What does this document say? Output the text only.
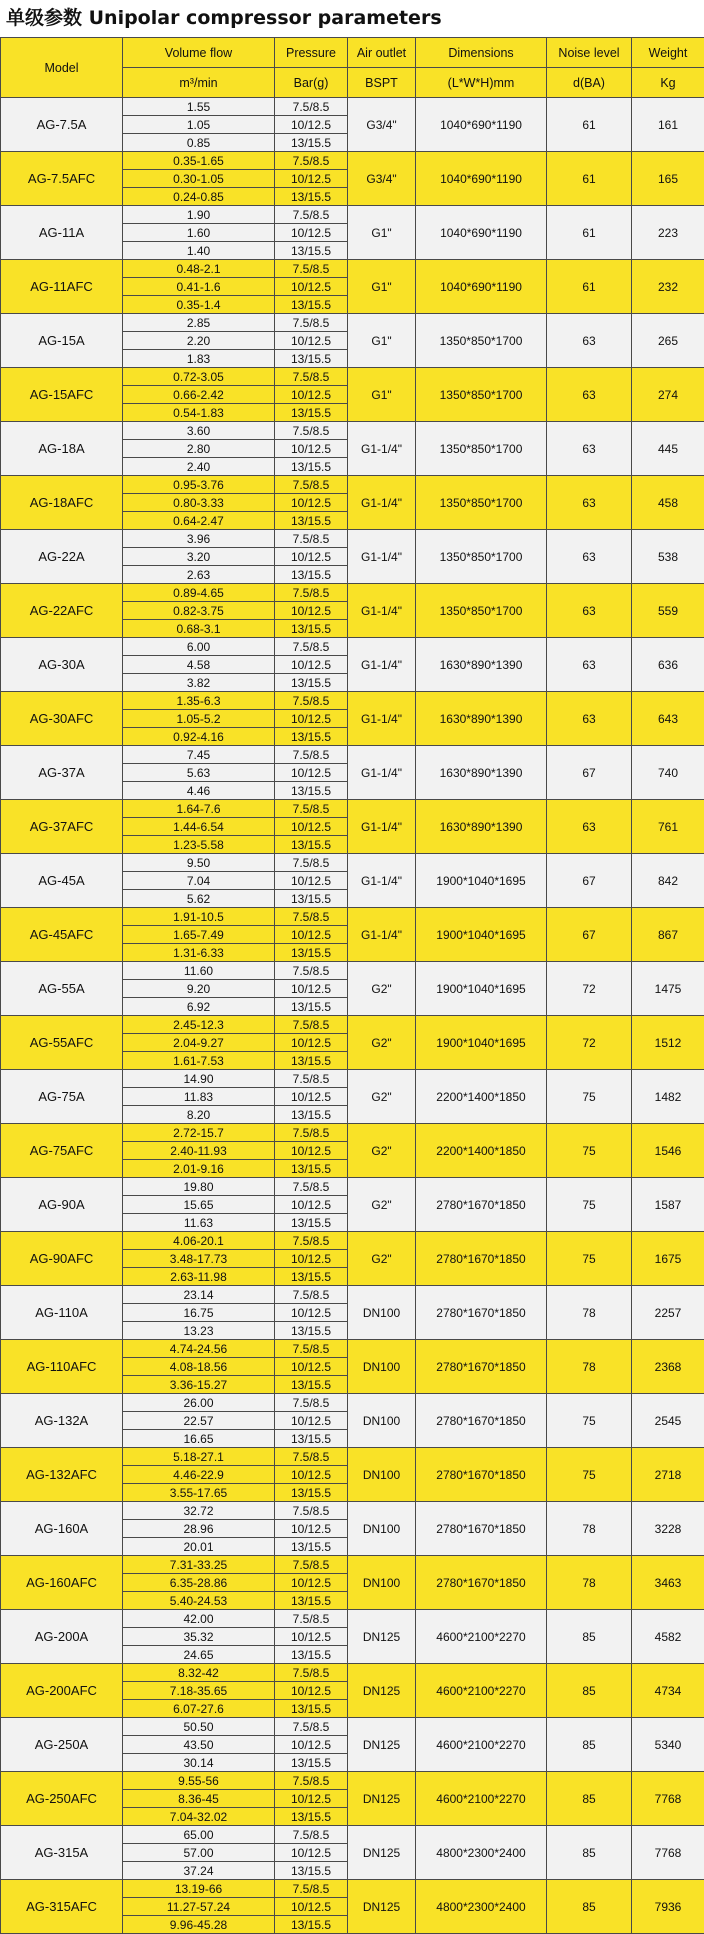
单级参数 Unipolar compressor parameters
Model	Volume flow	Pressure	Air outlet	Dimensions	Noise level	Weight
	m³/min	Bar(g)	BSPT	(L*W*H)mm	d(BA)	Kg
AG-7.5A	1.55	7.5/8.5	G3/4"	1040*690*1190	61	161
	1.05	10/12.5				
	0.85	13/15.5				
AG-7.5AFC	0.35-1.65	7.5/8.5	G3/4"	1040*690*1190	61	165
	0.30-1.05	10/12.5				
	0.24-0.85	13/15.5				
AG-11A	1.90	7.5/8.5	G1"	1040*690*1190	61	223
	1.60	10/12.5				
	1.40	13/15.5				
AG-11AFC	0.48-2.1	7.5/8.5	G1"	1040*690*1190	61	232
	0.41-1.6	10/12.5				
	0.35-1.4	13/15.5				
AG-15A	2.85	7.5/8.5	G1"	1350*850*1700	63	265
	2.20	10/12.5				
	1.83	13/15.5				
AG-15AFC	0.72-3.05	7.5/8.5	G1"	1350*850*1700	63	274
	0.66-2.42	10/12.5				
	0.54-1.83	13/15.5				
AG-18A	3.60	7.5/8.5	G1-1/4"	1350*850*1700	63	445
	2.80	10/12.5				
	2.40	13/15.5				
AG-18AFC	0.95-3.76	7.5/8.5	G1-1/4"	1350*850*1700	63	458
	0.80-3.33	10/12.5				
	0.64-2.47	13/15.5				
AG-22A	3.96	7.5/8.5	G1-1/4"	1350*850*1700	63	538
	3.20	10/12.5				
	2.63	13/15.5				
AG-22AFC	0.89-4.65	7.5/8.5	G1-1/4"	1350*850*1700	63	559
	0.82-3.75	10/12.5				
	0.68-3.1	13/15.5				
AG-30A	6.00	7.5/8.5	G1-1/4"	1630*890*1390	63	636
	4.58	10/12.5				
	3.82	13/15.5				
AG-30AFC	1.35-6.3	7.5/8.5	G1-1/4"	1630*890*1390	63	643
	1.05-5.2	10/12.5				
	0.92-4.16	13/15.5				
AG-37A	7.45	7.5/8.5	G1-1/4"	1630*890*1390	67	740
	5.63	10/12.5				
	4.46	13/15.5				
AG-37AFC	1.64-7.6	7.5/8.5	G1-1/4"	1630*890*1390	63	761
	1.44-6.54	10/12.5				
	1.23-5.58	13/15.5				
AG-45A	9.50	7.5/8.5	G1-1/4"	1900*1040*1695	67	842
	7.04	10/12.5				
	5.62	13/15.5				
AG-45AFC	1.91-10.5	7.5/8.5	G1-1/4"	1900*1040*1695	67	867
	1.65-7.49	10/12.5				
	1.31-6.33	13/15.5				
AG-55A	11.60	7.5/8.5	G2"	1900*1040*1695	72	1475
	9.20	10/12.5				
	6.92	13/15.5				
AG-55AFC	2.45-12.3	7.5/8.5	G2"	1900*1040*1695	72	1512
	2.04-9.27	10/12.5				
	1.61-7.53	13/15.5				
AG-75A	14.90	7.5/8.5	G2"	2200*1400*1850	75	1482
	11.83	10/12.5				
	8.20	13/15.5				
AG-75AFC	2.72-15.7	7.5/8.5	G2"	2200*1400*1850	75	1546
	2.40-11.93	10/12.5				
	2.01-9.16	13/15.5				
AG-90A	19.80	7.5/8.5	G2"	2780*1670*1850	75	1587
	15.65	10/12.5				
	11.63	13/15.5				
AG-90AFC	4.06-20.1	7.5/8.5	G2"	2780*1670*1850	75	1675
	3.48-17.73	10/12.5				
	2.63-11.98	13/15.5				
AG-110A	23.14	7.5/8.5	DN100	2780*1670*1850	78	2257
	16.75	10/12.5				
	13.23	13/15.5				
AG-110AFC	4.74-24.56	7.5/8.5	DN100	2780*1670*1850	78	2368
	4.08-18.56	10/12.5				
	3.36-15.27	13/15.5				
AG-132A	26.00	7.5/8.5	DN100	2780*1670*1850	75	2545
	22.57	10/12.5				
	16.65	13/15.5				
AG-132AFC	5.18-27.1	7.5/8.5	DN100	2780*1670*1850	75	2718
	4.46-22.9	10/12.5				
	3.55-17.65	13/15.5				
AG-160A	32.72	7.5/8.5	DN100	2780*1670*1850	78	3228
	28.96	10/12.5				
	20.01	13/15.5				
AG-160AFC	7.31-33.25	7.5/8.5	DN100	2780*1670*1850	78	3463
	6.35-28.86	10/12.5				
	5.40-24.53	13/15.5				
AG-200A	42.00	7.5/8.5	DN125	4600*2100*2270	85	4582
	35.32	10/12.5				
	24.65	13/15.5				
AG-200AFC	8.32-42	7.5/8.5	DN125	4600*2100*2270	85	4734
	7.18-35.65	10/12.5				
	6.07-27.6	13/15.5				
AG-250A	50.50	7.5/8.5	DN125	4600*2100*2270	85	5340
	43.50	10/12.5				
	30.14	13/15.5				
AG-250AFC	9.55-56	7.5/8.5	DN125	4600*2100*2270	85	7768
	8.36-45	10/12.5				
	7.04-32.02	13/15.5				
AG-315A	65.00	7.5/8.5	DN125	4800*2300*2400	85	7768
	57.00	10/12.5				
	37.24	13/15.5				
AG-315AFC	13.19-66	7.5/8.5	DN125	4800*2300*2400	85	7936
	11.27-57.24	10/12.5				
	9.96-45.28	13/15.5				
